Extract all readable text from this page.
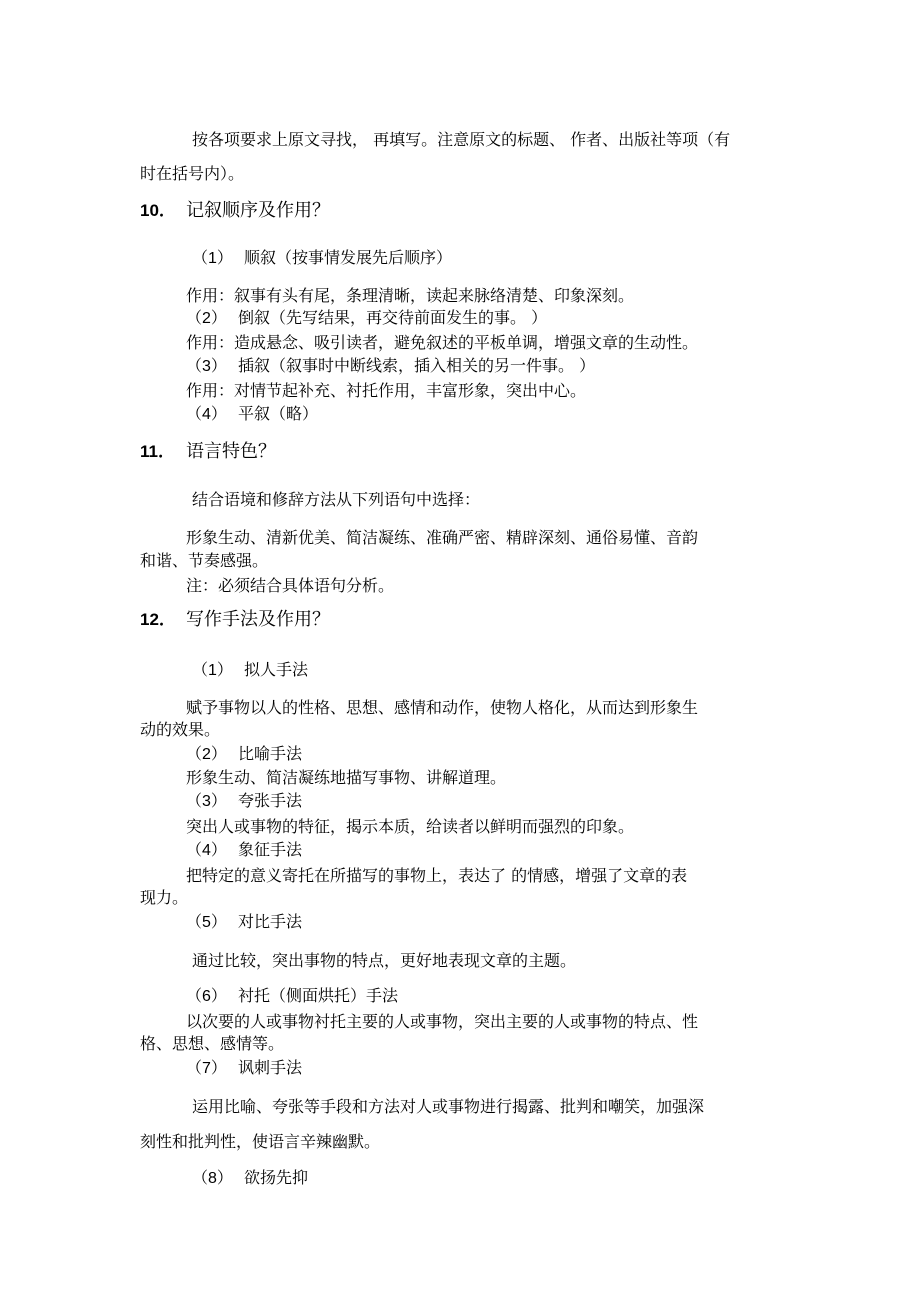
按各项要求上原文寻找， 再填写。注意原文的标题、 作者、出版社等项（有
时在括号内）。
10． 记叙顺序及作用？
（1） 顺叙（按事情发展先后顺序）
作用：叙事有头有尾，条理清晰，读起来脉络清楚、印象深刻。
（2） 倒叙（先写结果，再交待前面发生的事。 ）
作用：造成悬念、吸引读者，避免叙述的平板单调，增强文章的生动性。
（3） 插叙（叙事时中断线索，插入相关的另一件事。 ）
作用：对情节起补充、衬托作用，丰富形象，突出中心。
（4） 平叙（略）
11． 语言特色？
结合语境和修辞方法从下列语句中选择：
形象生动、清新优美、简洁凝练、准确严密、精辟深刻、通俗易懂、音韵
和谐、节奏感强。
注：必须结合具体语句分析。
12． 写作手法及作用？
（1） 拟人手法
赋予事物以人的性格、思想、感情和动作，使物人格化，从而达到形象生
动的效果。
（2） 比喻手法
形象生动、简洁凝练地描写事物、讲解道理。
（3） 夸张手法
突出人或事物的特征，揭示本质，给读者以鲜明而强烈的印象。
（4） 象征手法
把特定的意义寄托在所描写的事物上，表达了 的情感，增强了文章的表
现力。
（5） 对比手法
通过比较，突出事物的特点，更好地表现文章的主题。
（6） 衬托（侧面烘托）手法
以次要的人或事物衬托主要的人或事物，突出主要的人或事物的特点、性
格、思想、感情等。
（7） 讽刺手法
运用比喻、夸张等手段和方法对人或事物进行揭露、批判和嘲笑，加强深
刻性和批判性，使语言辛辣幽默。
（8） 欲扬先抑
